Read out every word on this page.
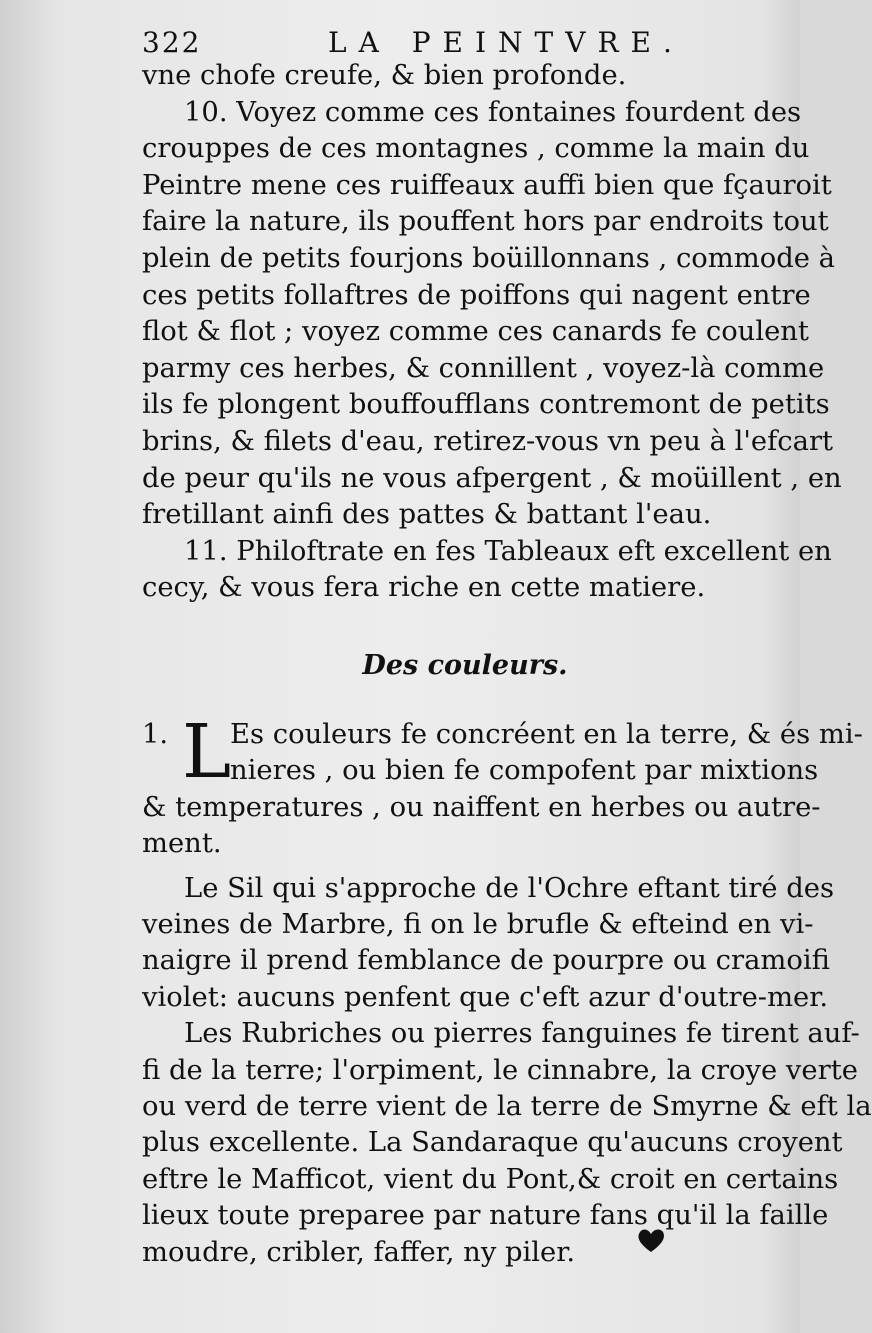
322	LA PEINTVRE.
vne chofe creufe, & bien profonde.
10. Voyez comme ces fontaines fourdent des
crouppes de ces montagnes , comme la main du
Peintre mene ces ruiffeaux auffi bien que fçauroit
faire la nature, ils pouffent hors par endroits tout
plein de petits fourjons boüillonnans , commode à
ces petits follaftres de poiffons qui nagent entre
flot & flot ; voyez comme ces canards fe coulent
parmy ces herbes, & connillent , voyez-là comme
ils fe plongent bouffoufflans contremont de petits
brins, & filets d'eau, retirez-vous vn peu à l'efcart
de peur qu'ils ne vous afpergent , & moüillent , en
fretillant ainfi des pattes & battant l'eau.
11. Philoftrate en fes Tableaux eft excellent en
cecy, & vous fera riche en cette matiere.
Des couleurs.
1. L
Es couleurs fe concréent en la terre, & és mi-
nieres , ou bien fe compofent par mixtions
& temperatures , ou naiffent en herbes ou autre-
ment.
Le Sil qui s'approche de l'Ochre eftant tiré des
veines de Marbre, fi on le brufle & efteind en vi-
naigre il prend femblance de pourpre ou cramoifi
violet: aucuns penfent que c'eft azur d'outre-mer.
Les Rubriches ou pierres fanguines fe tirent auf-
fi de la terre; l'orpiment, le cinnabre, la croye verte
ou verd de terre vient de la terre de Smyrne & eft la
plus excellente. La Sandaraque qu'aucuns croyent
eftre le Mafficot, vient du Pont,& croit en certains
lieux toute preparee par nature fans qu'il la faille
moudre, cribler, faffer, ny piler.
